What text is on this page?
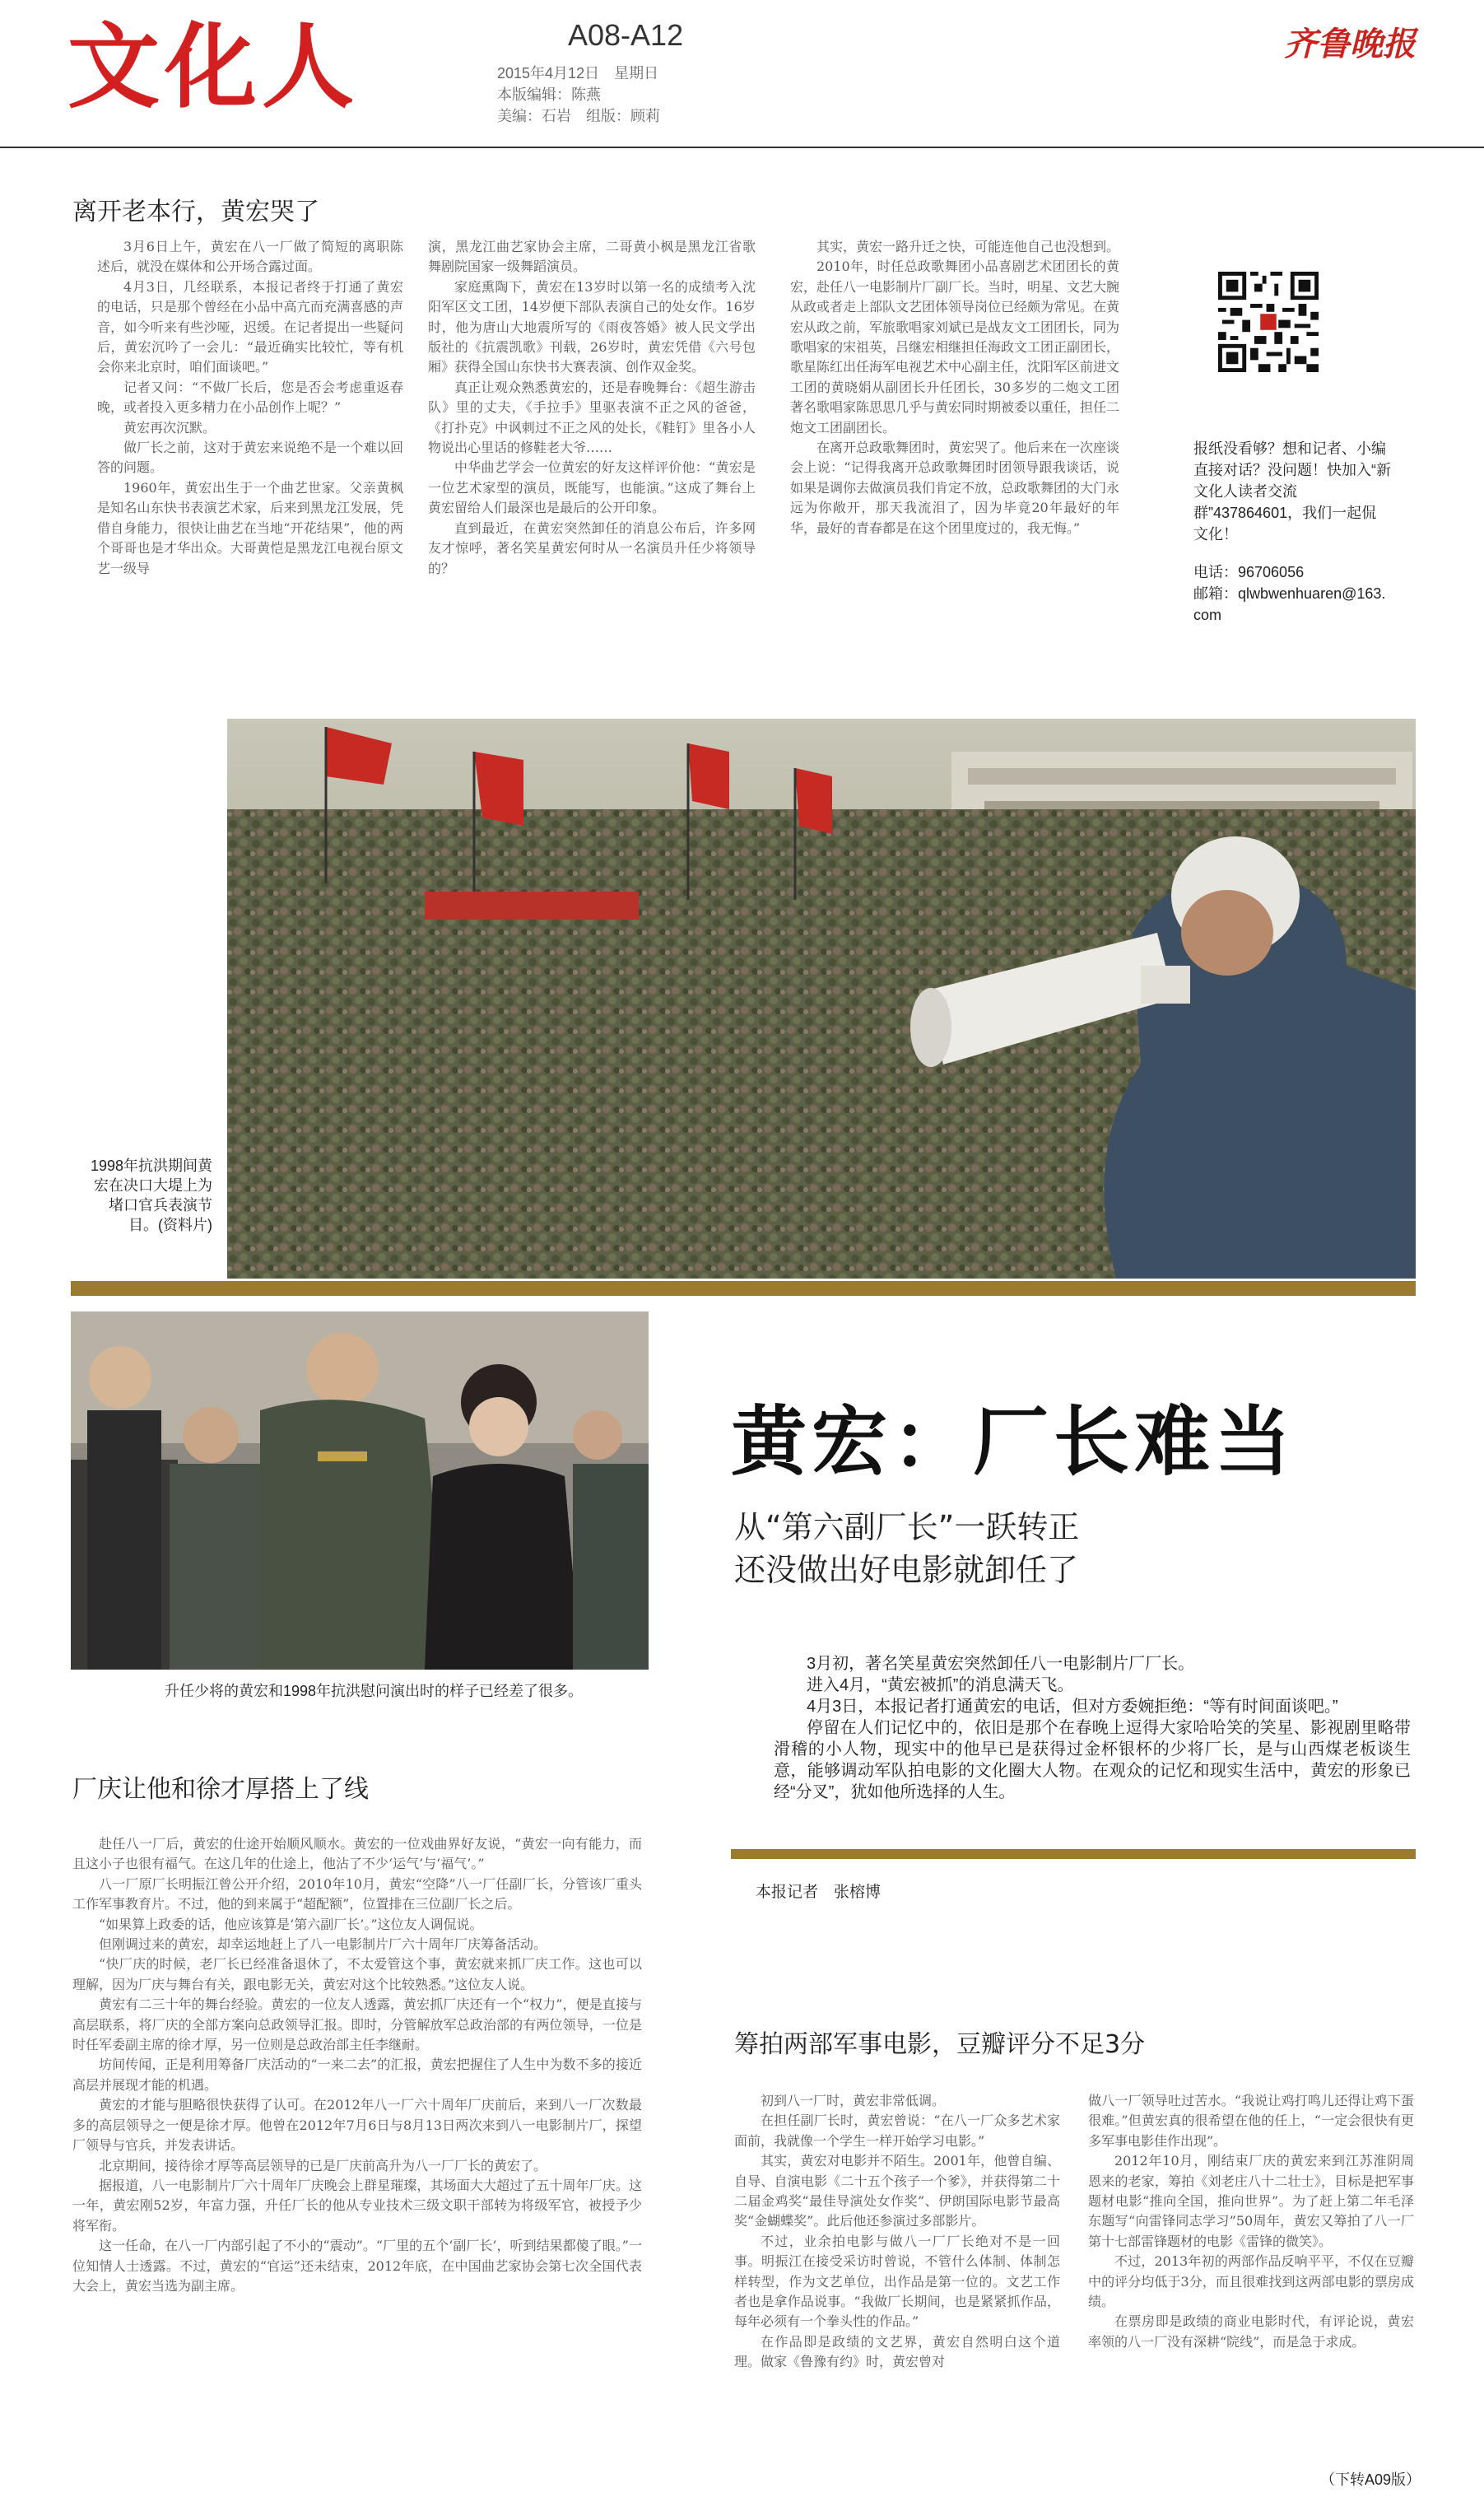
文化人	A08-A12
2015年4月12日　星期日
本版编辑：陈燕
美编：石岩　组版：顾莉
齐鲁晚报
离开老本行，黄宏哭了

3月6日上午，黄宏在八一厂做了简短的离职陈述后，就没在媒体和公开场合露过面。

4月3日，几经联系，本报记者终于打通了黄宏的电话，只是那个曾经在小品中高亢而充满喜感的声音，如今听来有些沙哑，迟缓。在记者提出一些疑问后，黄宏沉吟了一会儿：“最近确实比较忙，等有机会你来北京时，咱们面谈吧。”

记者又问：“不做厂长后，您是否会考虑重返春晚，或者投入更多精力在小品创作上呢？”

黄宏再次沉默。

做厂长之前，这对于黄宏来说绝不是一个难以回答的问题。

1960年，黄宏出生于一个曲艺世家。父亲黄枫是知名山东快书表演艺术家，后来到黑龙江发展，凭借自身能力，很快让曲艺在当地“开花结果”，他的两个哥哥也是才华出众。大哥黄恺是黑龙江电视台原文艺一级导

演，黑龙江曲艺家协会主席，二哥黄小枫是黑龙江省歌舞剧院国家一级舞蹈演员。

家庭熏陶下，黄宏在13岁时以第一名的成绩考入沈阳军区文工团，14岁便下部队表演自己的处女作。16岁时，他为唐山大地震所写的《雨夜答婚》被人民文学出版社的《抗震凯歌》刊载，26岁时，黄宏凭借《六号包厢》获得全国山东快书大赛表演、创作双金奖。

真正让观众熟悉黄宏的，还是春晚舞台：《超生游击队》里的丈夫，《手拉手》里驱表演不正之风的爸爸，《打扑克》中讽刺过不正之风的处长，《鞋钉》里各小人物说出心里话的修鞋老大爷……

中华曲艺学会一位黄宏的好友这样评价他：“黄宏是一位艺术家型的演员，既能写，也能演。”这成了舞台上黄宏留给人们最深也是最后的公开印象。

直到最近，在黄宏突然卸任的消息公布后，许多网友才惊呼，著名笑星黄宏何时从一名演员升任少将领导的？

其实，黄宏一路升迁之快，可能连他自己也没想到。

2010年，时任总政歌舞团小品喜剧艺术团团长的黄宏，赴任八一电影制片厂副厂长。当时，明星、文艺大腕从政或者走上部队文艺团体领导岗位已经颇为常见。在黄宏从政之前，军旅歌唱家刘斌已是战友文工团团长，同为歌唱家的宋祖英，吕继宏相继担任海政文工团正副团长，歌星陈红出任海军电视艺术中心副主任，沈阳军区前进文工团的黄晓娟从副团长升任团长，30多岁的二炮文工团著名歌唱家陈思思几乎与黄宏同时期被委以重任，担任二炮文工团副团长。

在离开总政歌舞团时，黄宏哭了。他后来在一次座谈会上说：“记得我离开总政歌舞团时团领导跟我谈话，说如果是调你去做演员我们肯定不放，总政歌舞团的大门永远为你敞开，那天我流泪了，因为毕竟20年最好的年华，最好的青春都是在这个团里度过的，我无悔。”

报纸没看够？想和记者、小编直接对话？没问题！快加入“新文化人读者交流群”437864601，我们一起侃文化！
电话：96706056
邮箱：qlwbwenhuaren@163.com
1998年抗洪期间黄宏在决口大堤上为堵口官兵表演节目。(资料片)
升任少将的黄宏和1998年抗洪慰问演出时的样子已经差了很多。
黄宏：厂长难当
从“第六副厂长”一跃转正
还没做出好电影就卸任了

3月初，著名笑星黄宏突然卸任八一电影制片厂厂长。

进入4月，“黄宏被抓”的消息满天飞。

4月3日，本报记者打通黄宏的电话，但对方委婉拒绝：“等有时间面谈吧。”

停留在人们记忆中的，依旧是那个在春晚上逗得大家哈哈笑的笑星、影视剧里略带滑稽的小人物，现实中的他早已是获得过金杯银杯的少将厂长，是与山西煤老板谈生意，能够调动军队拍电影的文化圈大人物。在观众的记忆和现实生活中，黄宏的形象已经“分叉”，犹如他所选择的人生。

本报记者　张榕博
厂庆让他和徐才厚搭上了线

赴任八一厂后，黄宏的仕途开始顺风顺水。黄宏的一位戏曲界好友说，“黄宏一向有能力，而且这小子也很有福气。在这几年的仕途上，他沾了不少‘运气’与‘福气’。”

八一厂原厂长明振江曾公开介绍，2010年10月，黄宏“空降”八一厂任副厂长，分管该厂重头工作军事教育片。不过，他的到来属于“超配额”，位置排在三位副厂长之后。

“如果算上政委的话，他应该算是‘第六副厂长’。”这位友人调侃说。

但刚调过来的黄宏，却幸运地赶上了八一电影制片厂六十周年厂庆筹备活动。

“快厂庆的时候，老厂长已经准备退休了，不太爱管这个事，黄宏就来抓厂庆工作。这也可以理解，因为厂庆与舞台有关，跟电影无关，黄宏对这个比较熟悉。”这位友人说。

黄宏有二三十年的舞台经验。黄宏的一位友人透露，黄宏抓厂庆还有一个“权力”，便是直接与高层联系，将厂庆的全部方案向总政领导汇报。即时，分管解放军总政治部的有两位领导，一位是时任军委副主席的徐才厚，另一位则是总政治部主任李继耐。

坊间传闻，正是利用筹备厂庆活动的“一来二去”的汇报，黄宏把握住了人生中为数不多的接近高层并展现才能的机遇。

黄宏的才能与胆略很快获得了认可。在2012年八一厂六十周年厂庆前后，来到八一厂次数最多的高层领导之一便是徐才厚。他曾在2012年7月6日与8月13日两次来到八一电影制片厂，探望厂领导与官兵，并发表讲话。

北京期间，接待徐才厚等高层领导的已是厂庆前高升为八一厂厂长的黄宏了。

据报道，八一电影制片厂六十周年厂庆晚会上群星璀璨，其场面大大超过了五十周年厂庆。这一年，黄宏刚52岁，年富力强，升任厂长的他从专业技术三级文职干部转为将级军官，被授予少将军衔。

这一任命，在八一厂内部引起了不小的“震动”。“厂里的五个‘副厂长’，听到结果都傻了眼。”一位知情人士透露。不过，黄宏的“官运”还未结束，2012年底，在中国曲艺家协会第七次全国代表大会上，黄宏当选为副主席。

筹拍两部军事电影，豆瓣评分不足3分

初到八一厂时，黄宏非常低调。

在担任副厂长时，黄宏曾说：“在八一厂众多艺术家面前，我就像一个学生一样开始学习电影。”

其实，黄宏对电影并不陌生。2001年，他曾自编、自导、自演电影《二十五个孩子一个爹》，并获得第二十二届金鸡奖“最佳导演处女作奖”、伊朗国际电影节最高奖“金蝴蝶奖”。此后他还参演过多部影片。

不过，业余拍电影与做八一厂厂长绝对不是一回事。明振江在接受采访时曾说，不管什么体制、体制怎样转型，作为文艺单位，出作品是第一位的。文艺工作者也是拿作品说事。“我做厂长期间，也是紧紧抓作品，每年必须有一个拳头性的作品。”

在作品即是政绩的文艺界，黄宏自然明白这个道理。做家《鲁豫有约》时，黄宏曾对

做八一厂领导吐过苦水。“我说让鸡打鸣儿还得让鸡下蛋很难。”但黄宏真的很希望在他的任上，“一定会很快有更多军事电影佳作出现”。

2012年10月，刚结束厂庆的黄宏来到江苏淮阴周恩来的老家，筹拍《刘老庄八十二壮士》，目标是把军事题材电影“推向全国，推向世界”。为了赶上第二年毛泽东题写“向雷锋同志学习”50周年，黄宏又筹拍了八一厂第十七部雷锋题材的电影《雷锋的微笑》。

不过，2013年初的两部作品反响平平，不仅在豆瓣中的评分均低于3分，而且很难找到这两部电影的票房成绩。

在票房即是政绩的商业电影时代，有评论说，黄宏率领的八一厂没有深耕“院线”，而是急于求成。

（下转A09版）
